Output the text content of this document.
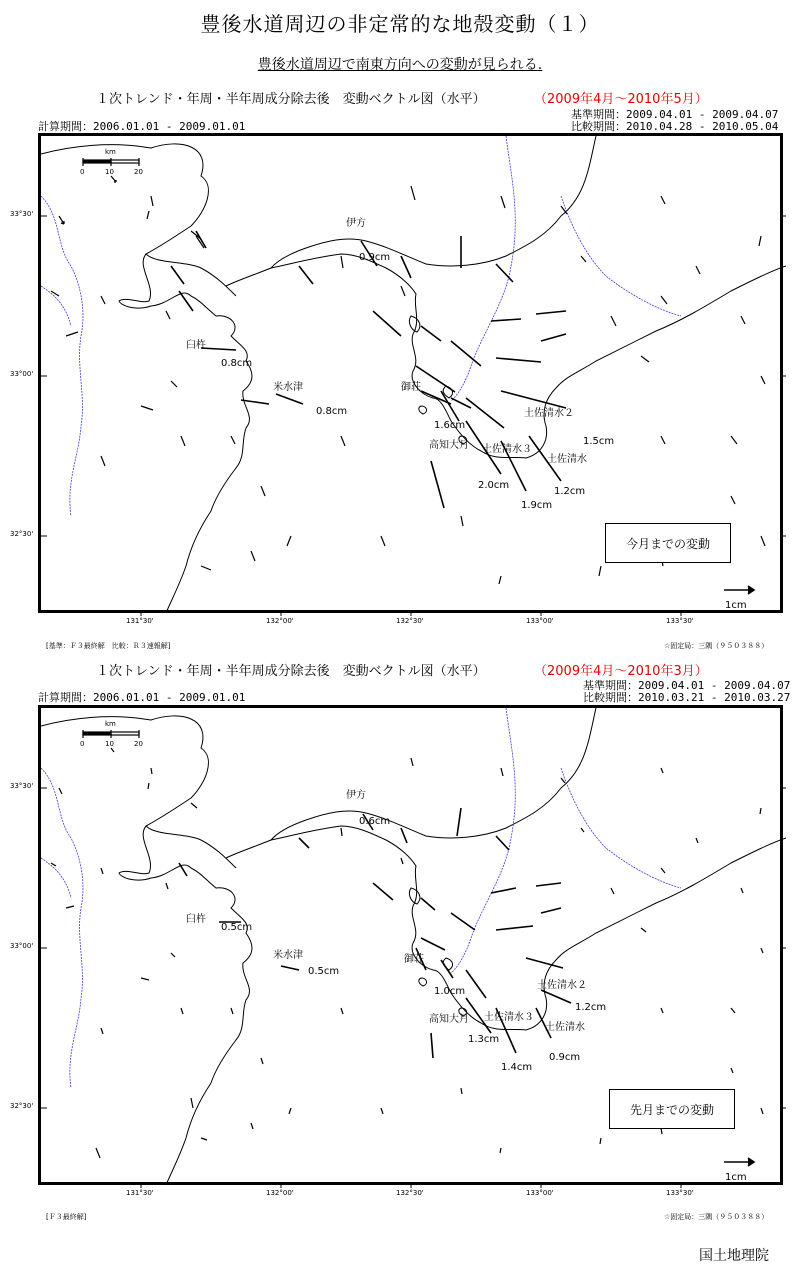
豊後水道周辺の非定常的な地殻変動（１）
豊後水道周辺で南東方向への変動が見られる.
１次トレンド・年周・半年周成分除去後　変動ベクトル図（水平）	（2009年4月～2010年5月）
基準期間：2009.04.01 - 2009.04.07
計算期間：2006.01.01 - 2009.01.01	比較期間：2010.04.28 - 2010.05.04
km
0	10	20
1cm
伊方
0.9cm
臼杵
0.8cm
米水津
0.8cm
御荘
1.6cm
土佐清水２
1.5cm
高知大月
2.0cm
土佐清水３
1.9cm
土佐清水
1.2cm
今月までの変動
33°30'
33°00'
32°30'
131°30'	132°00'	132°30'	133°00'	133°30'
[基準：Ｆ３最終解　比較：Ｒ３速報解]	☆固定局：三隅（９５０３８８）
１次トレンド・年周・半年周成分除去後　変動ベクトル図（水平）	（2009年4月～2010年3月）
基準期間：2009.04.01 - 2009.04.07
計算期間：2006.01.01 - 2009.01.01	比較期間：2010.03.21 - 2010.03.27
km
0	10	20
1cm
伊方
0.6cm
臼杵
0.5cm
米水津
0.5cm
御荘
1.0cm
土佐清水２
1.2cm
高知大月
1.3cm
土佐清水３
1.4cm
土佐清水
0.9cm
先月までの変動
33°30'
33°00'
32°30'
131°30'	132°00'	132°30'	133°00'	133°30'
[Ｆ３最終解]	☆固定局：三隅（９５０３８８）
国土地理院
